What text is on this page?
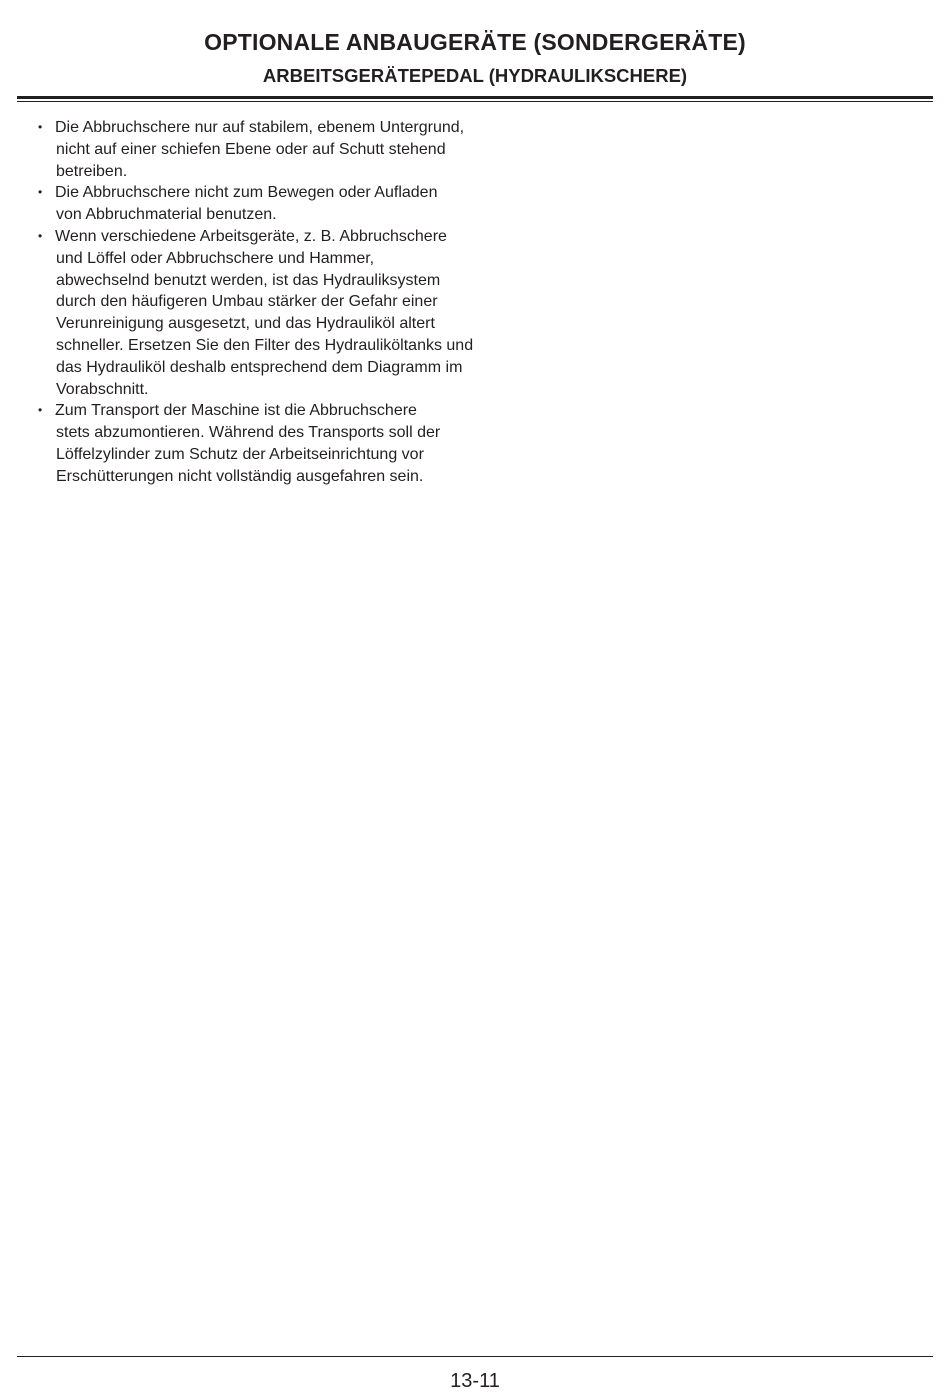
OPTIONALE ANBAUGERÄTE (SONDERGERÄTE)
ARBEITSGERÄTEPEDAL (HYDRAULIKSCHERE)
• Die Abbruchschere nur auf stabilem, ebenem Untergrund,
nicht auf einer schiefen Ebene oder auf Schutt stehend
betreiben.
• Die Abbruchschere nicht zum Bewegen oder Aufladen
von Abbruchmaterial benutzen.
• Wenn verschiedene Arbeitsgeräte, z. B. Abbruchschere
und Löffel oder Abbruchschere und Hammer,
abwechselnd benutzt werden, ist das Hydrauliksystem
durch den häufigeren Umbau stärker der Gefahr einer
Verunreinigung ausgesetzt, und das Hydrauliköl altert
schneller. Ersetzen Sie den Filter des Hydrauliköltanks und
das Hydrauliköl deshalb entsprechend dem Diagramm im
Vorabschnitt.
• Zum Transport der Maschine ist die Abbruchschere
stets abzumontieren. Während des Transports soll der
Löffelzylinder zum Schutz der Arbeitseinrichtung vor
Erschütterungen nicht vollständig ausgefahren sein.
13-11
